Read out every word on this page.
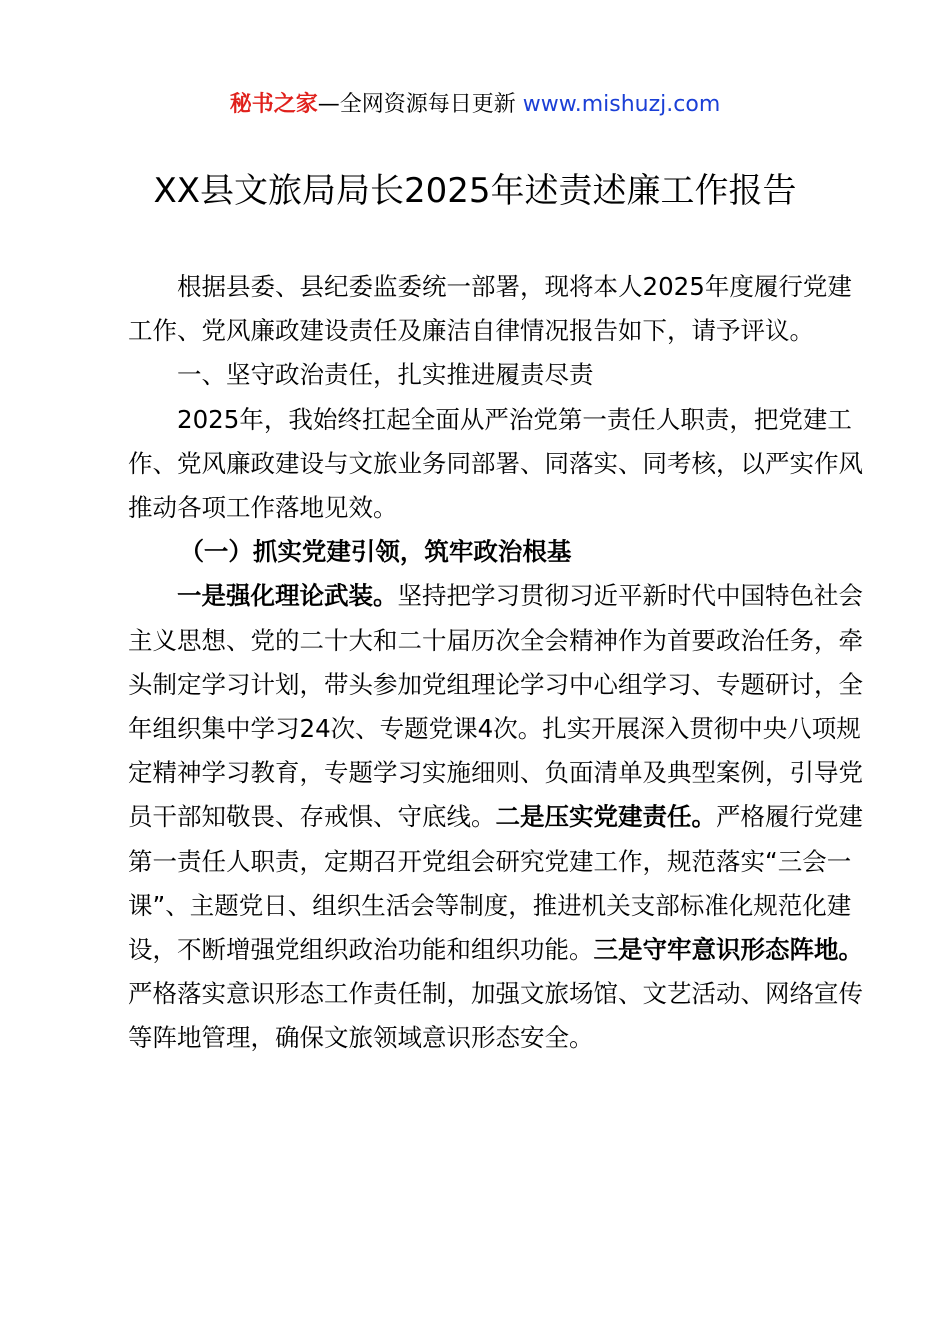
秘书之家—全网资源每日更新 www.mishuzj.com
XX县文旅局局长2025年述责述廉工作报告

根据县委、县纪委监委统一部署，现将本人2025年度履行党建工作、党风廉政建设责任及廉洁自律情况报告如下，请予评议。

一、坚守政治责任，扎实推进履责尽责

2025年，我始终扛起全面从严治党第一责任人职责，把党建工作、党风廉政建设与文旅业务同部署、同落实、同考核，以严实作风推动各项工作落地见效。

（一）抓实党建引领，筑牢政治根基

一是强化理论武装。坚持把学习贯彻习近平新时代中国特色社会主义思想、党的二十大和二十届历次全会精神作为首要政治任务，牵头制定学习计划，带头参加党组理论学习中心组学习、专题研讨，全年组织集中学习24次、专题党课4次。扎实开展深入贯彻中央八项规定精神学习教育，专题学习实施细则、负面清单及典型案例，引导党员干部知敬畏、存戒惧、守底线。二是压实党建责任。严格履行党建第一责任人职责，定期召开党组会研究党建工作，规范落实“三会一课”、主题党日、组织生活会等制度，推进机关支部标准化规范化建设，不断增强党组织政治功能和组织功能。三是守牢意识形态阵地。严格落实意识形态工作责任制，加强文旅场馆、文艺活动、网络宣传等阵地管理，确保文旅领域意识形态安全。
